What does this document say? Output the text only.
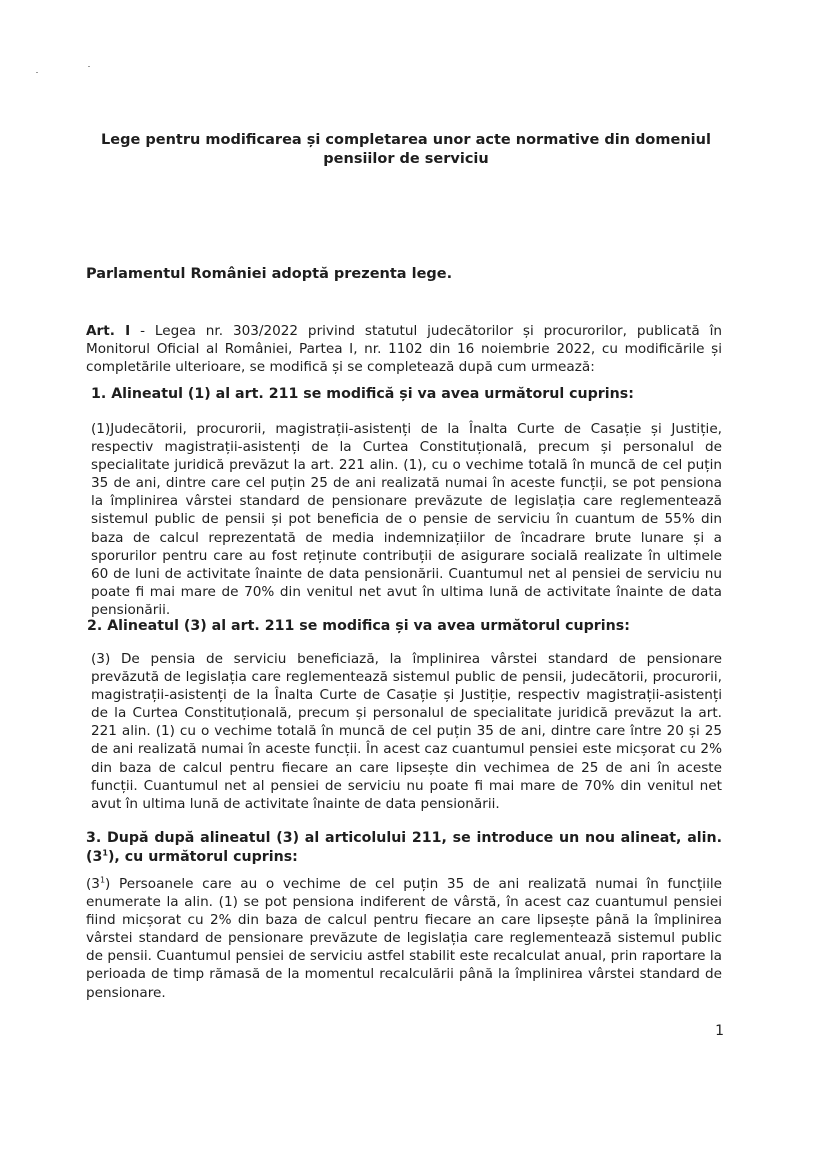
Lege pentru modificarea și completarea unor acte normative din domeniul pensiilor de serviciu

Parlamentul României adoptă prezenta lege.

Art. I - Legea nr. 303/2022 privind statutul judecătorilor și procurorilor, publicată în Monitorul Oficial al României, Partea I, nr. 1102 din 16 noiembrie 2022, cu modificările și completările ulterioare, se modifică și se completează după cum urmează:

1. Alineatul (1) al art. 211 se modifică și va avea următorul cuprins:

(1)Judecătorii, procurorii, magistrații-asistenți de la Înalta Curte de Casație și Justiție, respectiv magistrații-asistenți de la Curtea Constituțională, precum și personalul de specialitate juridică prevăzut la art. 221 alin. (1), cu o vechime totală în muncă de cel puțin 35 de ani, dintre care cel puțin 25 de ani realizată numai în aceste funcții, se pot pensiona la împlinirea vârstei standard de pensionare prevăzute de legislația care reglementează sistemul public de pensii și pot beneficia de o pensie de serviciu în cuantum de 55% din baza de calcul reprezentată de media indemnizațiilor de încadrare brute lunare și a sporurilor pentru care au fost reținute contribuții de asigurare socială realizate în ultimele 60 de luni de activitate înainte de data pensionării. Cuantumul net al pensiei de serviciu nu poate fi mai mare de 70% din venitul net avut în ultima lună de activitate înainte de data pensionării.

2. Alineatul (3) al art. 211 se modifica și va avea următorul cuprins:

(3) De pensia de serviciu beneficiază, la împlinirea vârstei standard de pensionare prevăzută de legislația care reglementează sistemul public de pensii, judecătorii, procurorii, magistrații-asistenți de la Înalta Curte de Casație și Justiție, respectiv magistrații-asistenți de la Curtea Constituțională, precum și personalul de specialitate juridică prevăzut la art. 221 alin. (1) cu o vechime totală în muncă de cel puțin 35 de ani, dintre care între 20 și 25 de ani realizată numai în aceste funcții. În acest caz cuantumul pensiei este micșorat cu 2% din baza de calcul pentru fiecare an care lipsește din vechimea de 25 de ani în aceste funcții. Cuantumul net al pensiei de serviciu nu poate fi mai mare de 70% din venitul net avut în ultima lună de activitate înainte de data pensionării.

3. După după alineatul (3) al articolului 211, se introduce un nou alineat, alin. $(3^1)$, cu următorul cuprins:

$(3^1)$ Persoanele care au o vechime de cel puțin 35 de ani realizată numai în funcțiile enumerate la alin. (1) se pot pensiona indiferent de vârstă, în acest caz cuantumul pensiei fiind micșorat cu 2% din baza de calcul pentru fiecare an care lipsește până la împlinirea vârstei standard de pensionare prevăzute de legislația care reglementează sistemul public de pensii. Cuantumul pensiei de serviciu astfel stabilit este recalculat anual, prin raportare la perioada de timp rămasă de la momentul recalculării până la împlinirea vârstei standard de pensionare.

1
